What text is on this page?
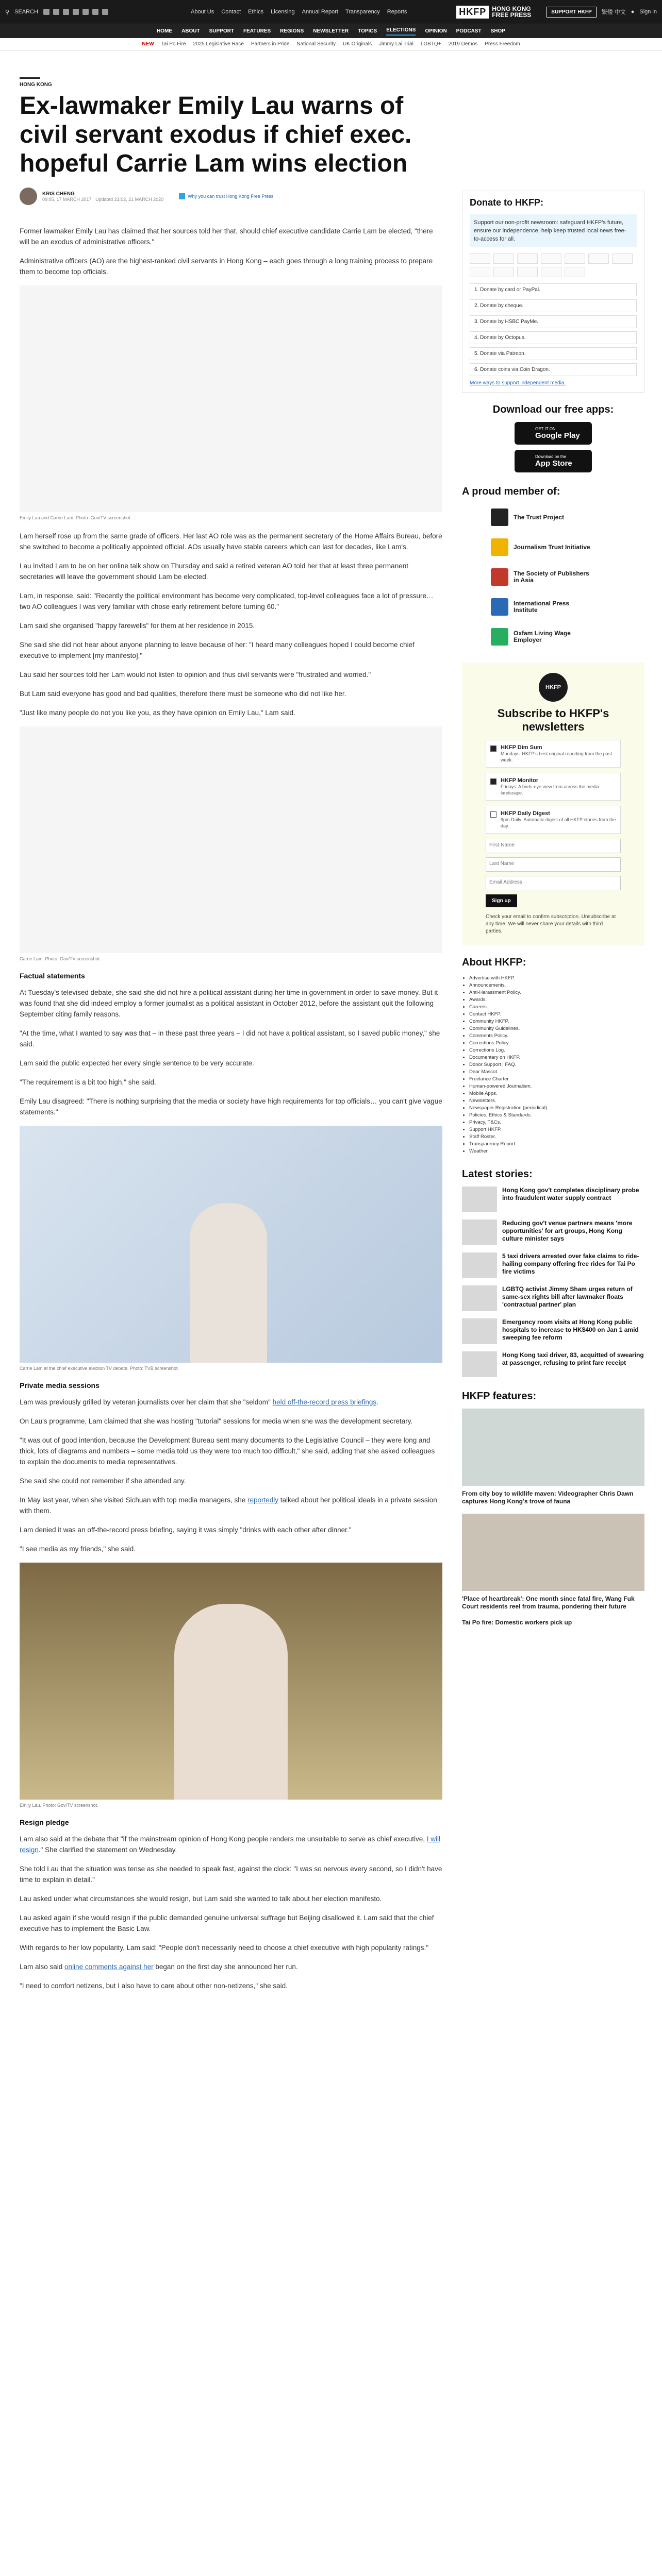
⚲ SEARCH	About Us Contact Ethics Licensing Annual Report Transparency Reports	HKFP HONG KONG
FREE PRESS	SUPPORT HKFP	繁體 中文 ● Sign in
HOME ABOUT SUPPORT FEATURES REGIONS NEWSLETTER TOPICS ELECTIONS OPINION PODCAST SHOP
NEW Tai Po Fire 2025 Legislative Race Partners in Pride National Security UK Originals Jimmy Lai Trial LGBTQ+ 2019 Demos Press Freedom
HONG KONG
Ex-lawmaker Emily Lau warns of civil servant exodus if chief exec. hopeful Carrie Lam wins election
KRIS CHENG
09:05, 17 MARCH 2017 Updated 21:02, 21 MARCH 2020
Why you can trust Hong Kong Free Press

Former lawmaker Emily Lau has claimed that her sources told her that, should chief executive candidate Carrie Lam be elected, "there will be an exodus of administrative officers."

Administrative officers (AO) are the highest-ranked civil servants in Hong Kong – each goes through a long training process to prepare them to become top officials.

Emily Lau and Carrie Lam. Photo: Gov/TV screenshot.

Lam herself rose up from the same grade of officers. Her last AO role was as the permanent secretary of the Home Affairs Bureau, before she switched to become a politically appointed official. AOs usually have stable careers which can last for decades, like Lam's.

Lau invited Lam to be on her online talk show on Thursday and said a retired veteran AO told her that at least three permanent secretaries will leave the government should Lam be elected.

Lam, in response, said: "Recently the political environment has become very complicated, top-level colleagues face a lot of pressure… two AO colleagues I was very familiar with chose early retirement before turning 60."

Lam said she organised "happy farewells" for them at her residence in 2015.

She said she did not hear about anyone planning to leave because of her: "I heard many colleagues hoped I could become chief executive to implement [my manifesto]."

Lau said her sources told her Lam would not listen to opinion and thus civil servants were "frustrated and worried."

But Lam said everyone has good and bad qualities, therefore there must be someone who did not like her.

"Just like many people do not you like you, as they have opinion on Emily Lau," Lam said.

Carrie Lam. Photo: Gov/TV screenshot.
Factual statements

At Tuesday's televised debate, she said she did not hire a political assistant during her time in government in order to save money. But it was found that she did indeed employ a former journalist as a political assistant in October 2012, before the assistant quit the following September citing family reasons.

"At the time, what I wanted to say was that – in these past three years – I did not have a political assistant, so I saved public money," she said.

Lam said the public expected her every single sentence to be very accurate.

"The requirement is a bit too high," she said.

Emily Lau disagreed: "There is nothing surprising that the media or society have high requirements for top officials… you can't give vague statements."

Carrie Lam at the chief executive election TV debate. Photo: TVB screenshot.
Private media sessions

Lam was previously grilled by veteran journalists over her claim that she "seldom" held off-the-record press briefings.

On Lau's programme, Lam claimed that she was hosting "tutorial" sessions for media when she was the development secretary.

"It was out of good intention, because the Development Bureau sent many documents to the Legislative Council – they were long and thick, lots of diagrams and numbers – some media told us they were too much too difficult," she said, adding that she asked colleagues to explain the documents to media representatives.

She said she could not remember if she attended any.

In May last year, when she visited Sichuan with top media managers, she reportedly talked about her political ideals in a private session with them.

Lam denied it was an off-the-record press briefing, saying it was simply "drinks with each other after dinner."

"I see media as my friends," she said.

Emily Lau. Photo: Gov/TV screenshot.
Resign pledge

Lam also said at the debate that "if the mainstream opinion of Hong Kong people renders me unsuitable to serve as chief executive, I will resign." She clarified the statement on Wednesday.

She told Lau that the situation was tense as she needed to speak fast, against the clock: "I was so nervous every second, so I didn't have time to explain in detail."

Lau asked under what circumstances she would resign, but Lam said she wanted to talk about her election manifesto.

Lau asked again if she would resign if the public demanded genuine universal suffrage but Beijing disallowed it. Lam said that the chief executive has to implement the Basic Law.

With regards to her low popularity, Lam said: "People don't necessarily need to choose a chief executive with high popularity ratings."

Lam also said online comments against her began on the first day she announced her run.

"I need to comfort netizens, but I also have to care about other non-netizens," she said.

Donate to HKFP:
Support our non-profit newsroom: safeguard HKFP's future, ensure our independence, help keep trusted local news free-to-access for all.
1. Donate by card or PayPal.
2. Donate by cheque.
3. Donate by HSBC PayMe.
4. Donate by Octopus.
5. Donate via Patreon.
6. Donate coins via Coin Dragon.
More ways to support independent media.
Download our free apps:
GET IT ON
Google Play
Download on the
App Store
A proud member of:
The Trust Project
Journalism Trust Initiative
The Society of Publishers in Asia
International Press Institute
Oxfam Living Wage Employer
HKFP
Subscribe to HKFP's newsletters
HKFP Dim Sum
Mondays: HKFP's best original reporting from the past week.
HKFP Monitor
Fridays: A birds-eye view from across the media landscape.
HKFP Daily Digest
9pm Daily: Automatic digest of all HKFP stories from the day.
First Name
Last Name
Email Address
Sign up
Check your email to confirm subscription. Unsubscribe at any time. We will never share your details with third parties.
About HKFP:
• Advertise with HKFP.
• Announcements.
• Anti-Harassment Policy.
• Awards.
• Careers.
• Contact HKFP.
• Community HKFP.
• Community Guidelines.
• Comments Policy.
• Corrections Policy.
• Corrections Log.
• Documentary on HKFP.
• Donor Support | FAQ.
• Dear Mascot.
• Freelance Charter.
• Human-powered Journalism.
• Mobile Apps.
• Newsletters.
• Newspaper Registration (periodical).
• Policies, Ethics & Standards.
• Privacy, T&Cs.
• Support HKFP.
• Staff Roster.
• Transparency Report.
• Weather.
Latest stories:
Hong Kong gov't completes disciplinary probe into fraudulent water supply contract
Reducing gov't venue partners means 'more opportunities' for art groups, Hong Kong culture minister says
5 taxi drivers arrested over fake claims to ride-hailing company offering free rides for Tai Po fire victims
LGBTQ activist Jimmy Sham urges return of same-sex rights bill after lawmaker floats 'contractual partner' plan
Emergency room visits at Hong Kong public hospitals to increase to HK$400 on Jan 1 amid sweeping fee reform
Hong Kong taxi driver, 83, acquitted of swearing at passenger, refusing to print fare receipt
HKFP features:
From city boy to wildlife maven: Videographer Chris Dawn captures Hong Kong's trove of fauna
'Place of heartbreak': One month since fatal fire, Wang Fuk Court residents reel from trauma, pondering their future
Tai Po fire: Domestic workers pick up
